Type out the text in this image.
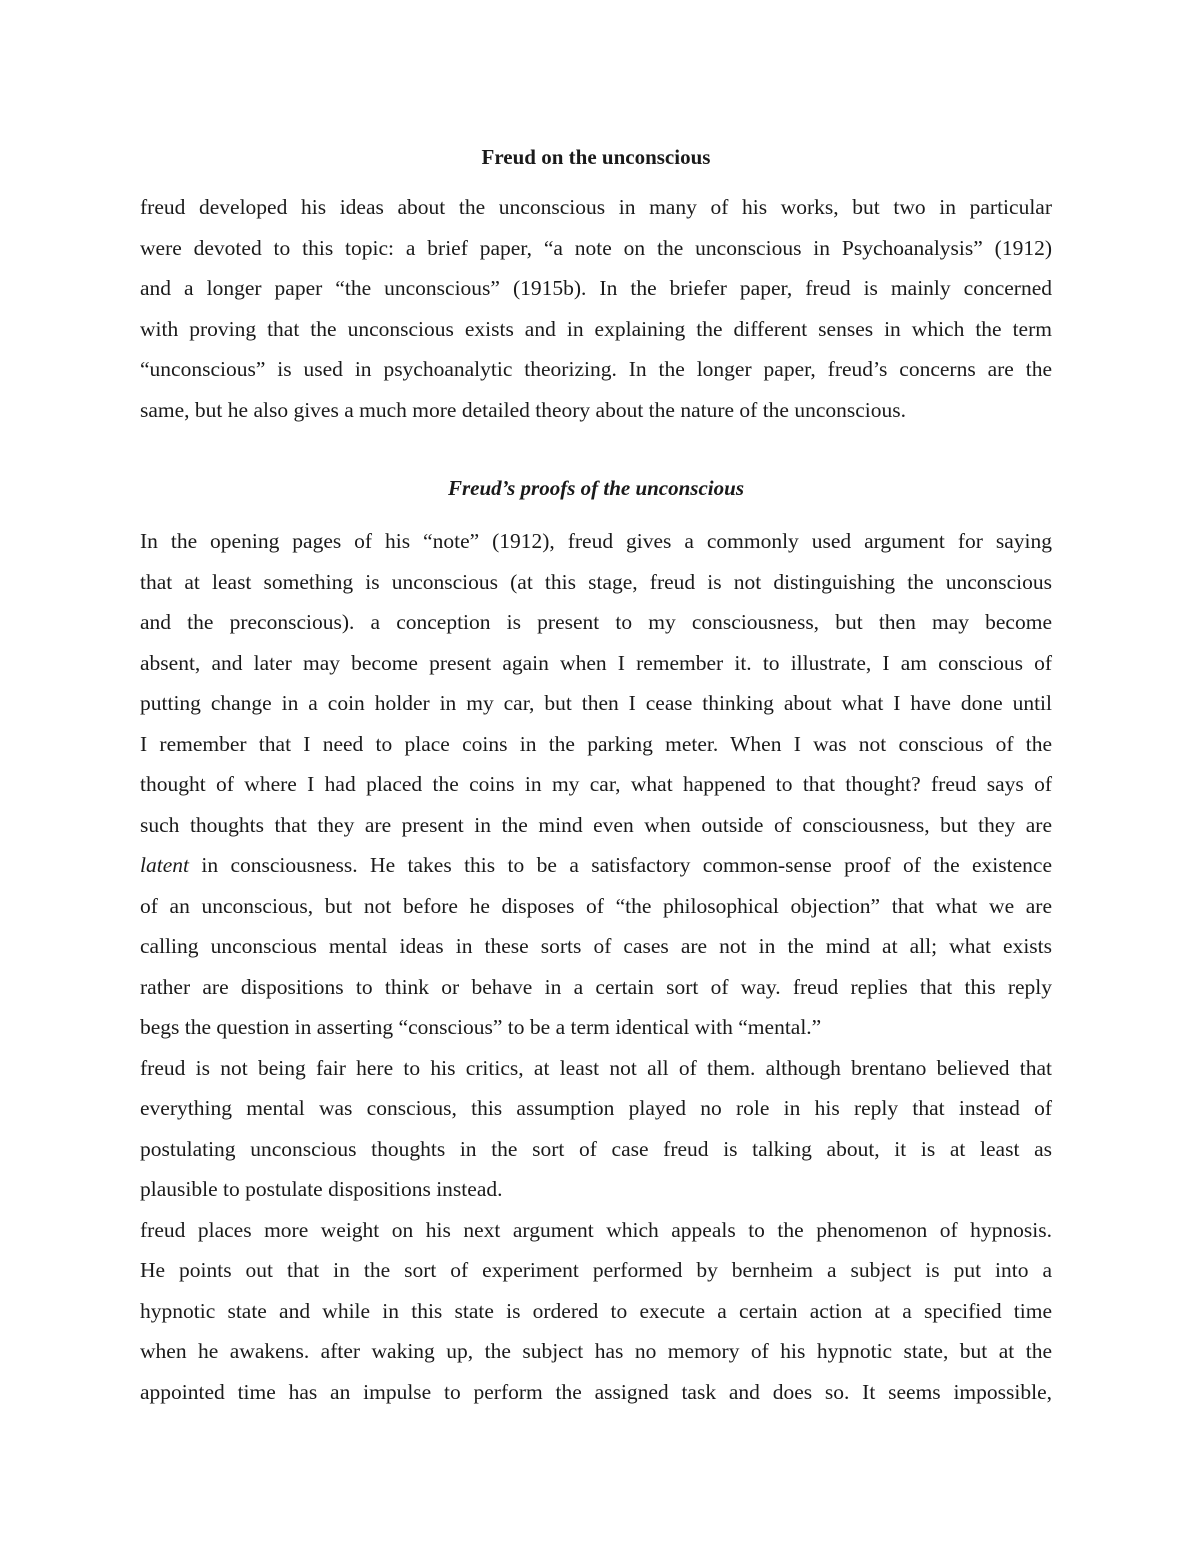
Freud on the unconscious

freud developed his ideas about the unconscious in many of his works, but two in particular

were devoted to this topic: a brief paper, “a note on the unconscious in Psychoanalysis” (1912)

and a longer paper “the unconscious” (1915b). In the briefer paper, freud is mainly concerned

with proving that the unconscious exists and in explaining the different senses in which the term

“unconscious” is used in psychoanalytic theorizing. In the longer paper, freud’s concerns are the

same, but he also gives a much more detailed theory about the nature of the unconscious.

Freud’s proofs of the unconscious

In the opening pages of his “note” (1912), freud gives a commonly used argument for saying

that at least something is unconscious (at this stage, freud is not distinguishing the unconscious

and the preconscious). a conception is present to my consciousness, but then may become

absent, and later may become present again when I remember it. to illustrate, I am conscious of

putting change in a coin holder in my car, but then I cease thinking about what I have done until

I remember that I need to place coins in the parking meter. When I was not conscious of the

thought of where I had placed the coins in my car, what happened to that thought? freud says of

such thoughts that they are present in the mind even when outside of consciousness, but they are

latent in consciousness. He takes this to be a satisfactory common-sense proof of the existence

of an unconscious, but not before he disposes of “the philosophical objection” that what we are

calling unconscious mental ideas in these sorts of cases are not in the mind at all; what exists

rather are dispositions to think or behave in a certain sort of way. freud replies that this reply

begs the question in asserting “conscious” to be a term identical with “mental.”

freud is not being fair here to his critics, at least not all of them. although brentano believed that

everything mental was conscious, this assumption played no role in his reply that instead of

postulating unconscious thoughts in the sort of case freud is talking about, it is at least as

plausible to postulate dispositions instead.

freud places more weight on his next argument which appeals to the phenomenon of hypnosis.

He points out that in the sort of experiment performed by bernheim a subject is put into a

hypnotic state and while in this state is ordered to execute a certain action at a specified time

when he awakens. after waking up, the subject has no memory of his hypnotic state, but at the

appointed time has an impulse to perform the assigned task and does so. It seems impossible,
